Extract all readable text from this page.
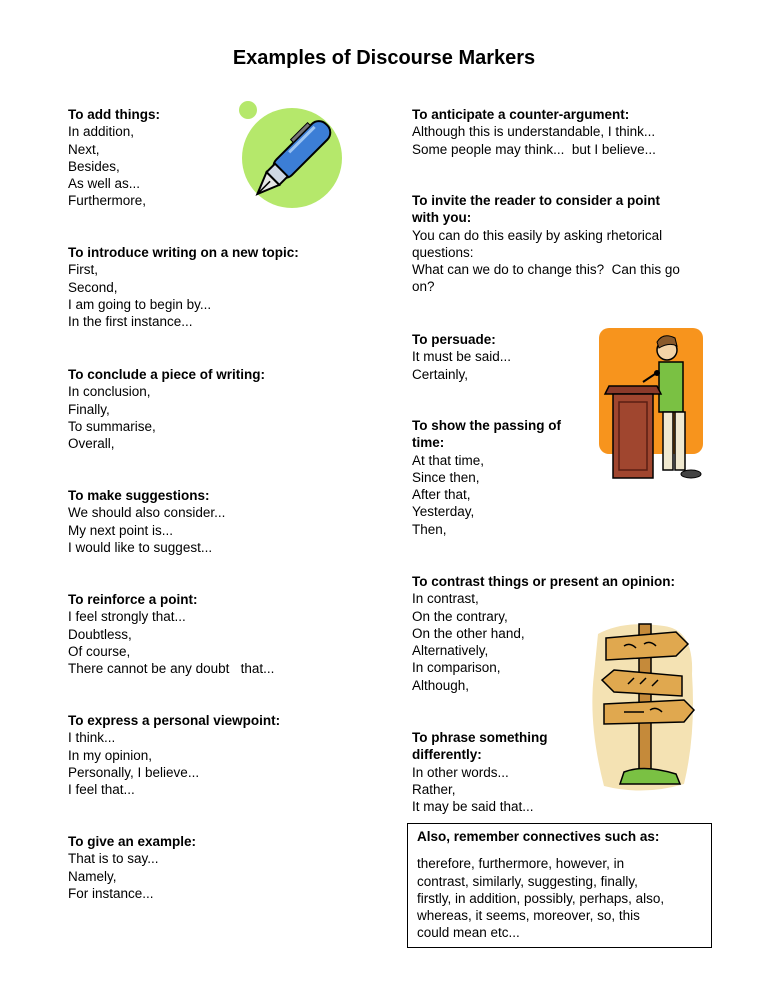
Examples of Discourse Markers
To add things:
In addition,
Next,
Besides,
As well as...
Furthermore,
To introduce writing on a new topic:
First,
Second,
I am going to begin by...
In the first instance...
To conclude a piece of writing:
In conclusion,
Finally,
To summarise,
Overall,
To make suggestions:
We should also consider...
My next point is...
I would like to suggest...
To reinforce a point:
I feel strongly that...
Doubtless,
Of course,
There cannot be any doubt   that...
To express a personal viewpoint:
I think...
In my opinion,
Personally, I believe...
I feel that...
To give an example:
That is to say...
Namely,
For instance...
To anticipate a counter-argument:
Although this is understandable, I think...
Some people may think...  but I believe...
To invite the reader to consider a point
with you:
You can do this easily by asking rhetorical
questions:
What can we do to change this?  Can this go
on?
To persuade:
It must be said...
Certainly,
To show the passing of
time:
At that time,
Since then,
After that,
Yesterday,
Then,
To contrast things or present an opinion:
In contrast,
On the contrary,
On the other hand,
Alternatively,
In comparison,
Although,
To phrase something
differently:
In other words...
Rather,
It may be said that...
Also, remember connectives such as:
therefore, furthermore, however, in
contrast, similarly, suggesting, finally,
firstly, in addition, possibly, perhaps, also,
whereas, it seems, moreover, so, this
could mean etc...
